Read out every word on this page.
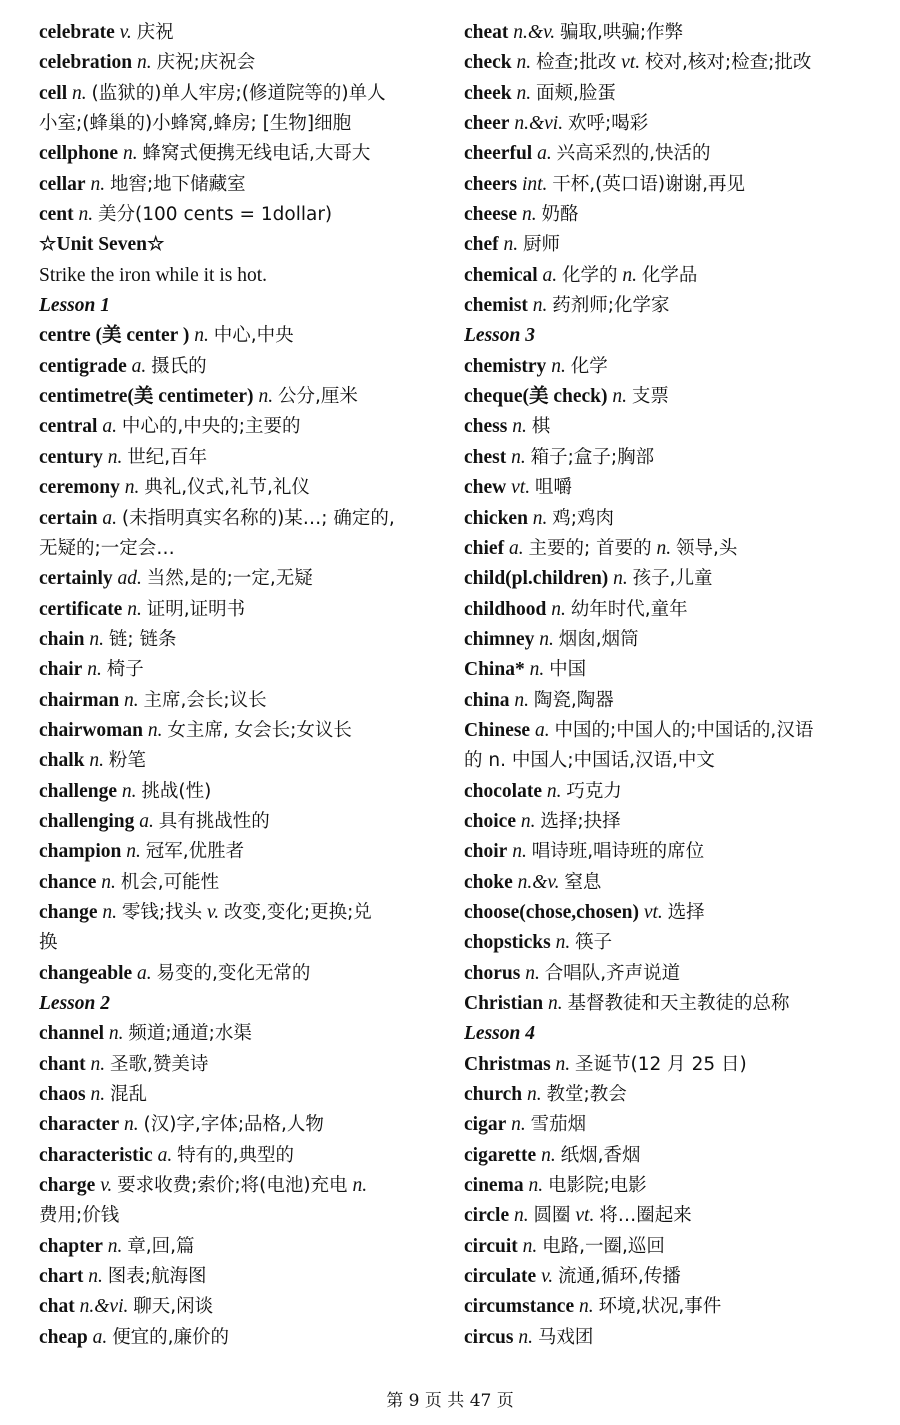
celebrate v. 庆祝
celebration n. 庆祝;庆祝会
cell n. (监狱的)单人牢房;(修道院等的)单人
小室;(蜂巢的)小蜂窝,蜂房; [生物]细胞
cellphone n. 蜂窝式便携无线电话,大哥大
cellar n. 地窖;地下储藏室
cent n. 美分(100 cents = 1dollar)
☆Unit Seven☆
Strike the iron while it is hot.
Lesson 1
centre (美 center ) n. 中心,中央
centigrade a. 摄氏的
centimetre(美 centimeter) n. 公分,厘米
central a. 中心的,中央的;主要的
century n. 世纪,百年
ceremony n. 典礼,仪式,礼节,礼仪
certain a. (未指明真实名称的)某…; 确定的,
无疑的;一定会…
certainly ad. 当然,是的;一定,无疑
certificate n. 证明,证明书
chain n. 链; 链条
chair n. 椅子
chairman n. 主席,会长;议长
chairwoman n. 女主席, 女会长;女议长
chalk n. 粉笔
challenge n. 挑战(性)
challenging a. 具有挑战性的
champion n. 冠军,优胜者
chance n. 机会,可能性
change n. 零钱;找头 v. 改变,变化;更换;兑
换
changeable a. 易变的,变化无常的
Lesson 2
channel n. 频道;通道;水渠
chant n. 圣歌,赞美诗
chaos n. 混乱
character n. (汉)字,字体;品格,人物
characteristic a. 特有的,典型的
charge v. 要求收费;索价;将(电池)充电 n.
费用;价钱
chapter n. 章,回,篇
chart n. 图表;航海图
chat n.&vi. 聊天,闲谈
cheap a. 便宜的,廉价的
cheat n.&v. 骗取,哄骗;作弊
check n. 检查;批改 vt. 校对,核对;检查;批改
cheek n. 面颊,脸蛋
cheer n.&vi. 欢呼;喝彩
cheerful a. 兴高采烈的,快活的
cheers int. 干杯,(英口语)谢谢,再见
cheese n. 奶酪
chef n. 厨师
chemical a. 化学的 n. 化学品
chemist n. 药剂师;化学家
Lesson 3
chemistry n. 化学
cheque(美 check) n. 支票
chess n. 棋
chest n. 箱子;盒子;胸部
chew vt. 咀嚼
chicken n. 鸡;鸡肉
chief a. 主要的; 首要的 n. 领导,头
child(pl.children) n. 孩子,儿童
childhood n. 幼年时代,童年
chimney n. 烟囱,烟筒
China* n. 中国
china n. 陶瓷,陶器
Chinese a. 中国的;中国人的;中国话的,汉语
的 n. 中国人;中国话,汉语,中文
chocolate n. 巧克力
choice n. 选择;抉择
choir n. 唱诗班,唱诗班的席位
choke n.&v. 窒息
choose(chose,chosen) vt. 选择
chopsticks n. 筷子
chorus n. 合唱队,齐声说道
Christian n. 基督教徒和天主教徒的总称
Lesson 4
Christmas n. 圣诞节(12 月 25 日)
church n. 教堂;教会
cigar n. 雪茄烟
cigarette n. 纸烟,香烟
cinema n. 电影院;电影
circle n. 圆圈 vt. 将…圈起来
circuit n. 电路,一圈,巡回
circulate v. 流通,循环,传播
circumstance n. 环境,状况,事件
circus n. 马戏团
第 9 页 共 47 页
